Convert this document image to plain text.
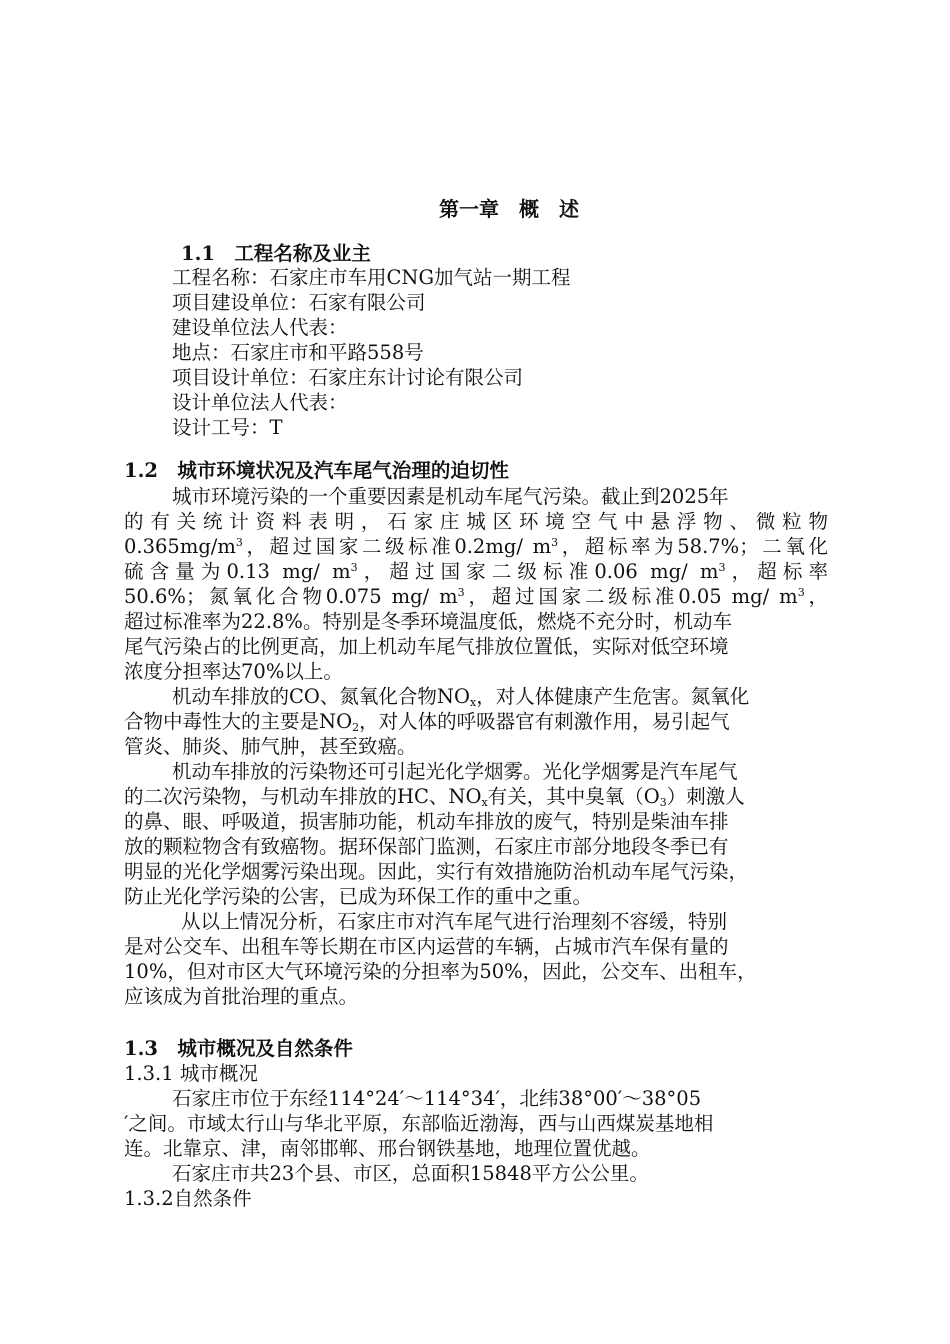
第一章　概　述
1.1　工程名称及业主
工程名称：石家庄市车用CNG加气站一期工程
项目建设单位：石家有限公司
建设单位法人代表：
地点：石家庄市和平路558号
项目设计单位：石家庄东计讨论有限公司
设计单位法人代表：
设计工号：T
1.2　城市环境状况及汽车尾气治理的迫切性
城市环境污染的一个重要因素是机动车尾气污染。截止到2025年
的有关统计资料表明，石家庄城区环境空气中悬浮物、微粒物
$0.365mg/m^3$，超过国家二级标准0.2mg/ $m^3$，超标率为58.7%；二氧化
硫含量为0.13 mg/ $m^3$，超过国家二级标准0.06 mg/ $m^3$，超标率
50.6%；氮氧化合物0.075 mg/ $m^3$，超过国家二级标准0.05 mg/ $m^3$，
超过标准率为22.8%。特别是冬季环境温度低，燃烧不充分时，机动车
尾气污染占的比例更高，加上机动车尾气排放位置低，实际对低空环境
浓度分担率达70%以上。
机动车排放的CO、氮氧化合物$NO_x$，对人体健康产生危害。氮氧化
合物中毒性大的主要是$NO_2$，对人体的呼吸器官有刺激作用，易引起气
管炎、肺炎、肺气肿，甚至致癌。
机动车排放的污染物还可引起光化学烟雾。光化学烟雾是汽车尾气
的二次污染物，与机动车排放的HC、$NO_x$有关，其中臭氧$(O_3)$刺激人
的鼻、眼、呼吸道，损害肺功能，机动车排放的废气，特别是柴油车排
放的颗粒物含有致癌物。据环保部门监测，石家庄市部分地段冬季已有
明显的光化学烟雾污染出现。因此，实行有效措施防治机动车尾气污染，
防止光化学污染的公害，已成为环保工作的重中之重。
从以上情况分析，石家庄市对汽车尾气进行治理刻不容缓，特别
是对公交车、出租车等长期在市区内运营的车辆，占城市汽车保有量的
10%，但对市区大气环境污染的分担率为50%，因此，公交车、出租车，
应该成为首批治理的重点。
1.3　城市概况及自然条件
1.3.1 城市概况
石家庄市位于东经114°24′～114°34′，北纬38°00′～38°05
′之间。市域太行山与华北平原，东部临近渤海，西与山西煤炭基地相
连。北靠京、津，南邻邯郸、邢台钢铁基地，地理位置优越。
石家庄市共23个县、市区，总面积15848平方公公里。
1.3.2自然条件
